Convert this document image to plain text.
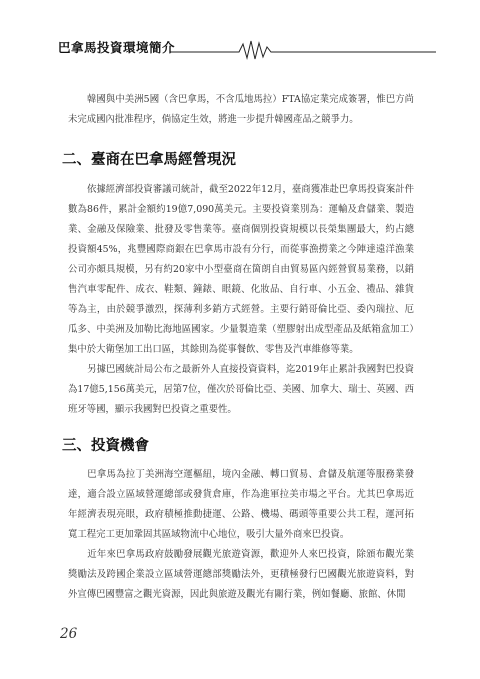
巴拿馬投資環境簡介

韓國與中美洲5國（含巴拿馬，不含瓜地馬拉）FTA協定業完成簽署，惟巴方尚未完成國內批准程序，倘協定生效，將進一步提升韓國產品之競爭力。

二、臺商在巴拿馬經營現況

依據經濟部投資審議司統計，截至2022年12月，臺商獲准赴巴拿馬投資案計件數為86件，累計金額約19億7,090萬美元。主要投資業別為：運輸及倉儲業、製造業、金融及保險業、批發及零售業等。臺商個別投資規模以長榮集團最大，約占總投資額45%，兆豐國際商銀在巴拿馬市設有分行，而從事漁撈業之今陣達遠洋漁業公司亦頗具規模，另有約20家中小型臺商在箇朗自由貿易區內經營貿易業務，以銷售汽車零配件、成衣、鞋類、鐘錶、眼鏡、化妝品、自行車、小五金、禮品、雜貨等為主，由於競爭激烈，探薄利多銷方式經營。主要行銷哥倫比亞、委內瑞拉、厄瓜多、中美洲及加勒比海地區國家。少量製造業（塑膠射出成型產品及紙箱盒加工）集中於大衛堡加工出口區，其餘則為從事餐飲、零售及汽車維修等業。

另據巴國統計局公布之最新外人直接投資資料，迄2019年止累計我國對巴投資為17億5,156萬美元，居第7位，僅次於哥倫比亞、美國、加拿大、瑞士、英國、西班牙等國，顯示我國對巴投資之重要性。

三、投資機會

巴拿馬為拉丁美洲海空運樞紐，境內金融、轉口貿易、倉儲及航運等服務業發達，適合設立區域營運總部或發貨倉庫，作為進軍拉美市場之平台。尤其巴拿馬近年經濟表現亮眼，政府積極推動捷運、公路、機場、碼頭等重要公共工程，運河拓寬工程完工更加鞏固其區域物流中心地位，吸引大量外商來巴投資。

近年來巴拿馬政府鼓勵發展觀光旅遊資源，歡迎外人來巴投資，除頒布觀光業獎勵法及跨國企業設立區域營運總部獎勵法外，更積極發行巴國觀光旅遊資料，對外宣傳巴國豐富之觀光資源，因此與旅遊及觀光有關行業，例如餐廳、旅館、休閒

26
